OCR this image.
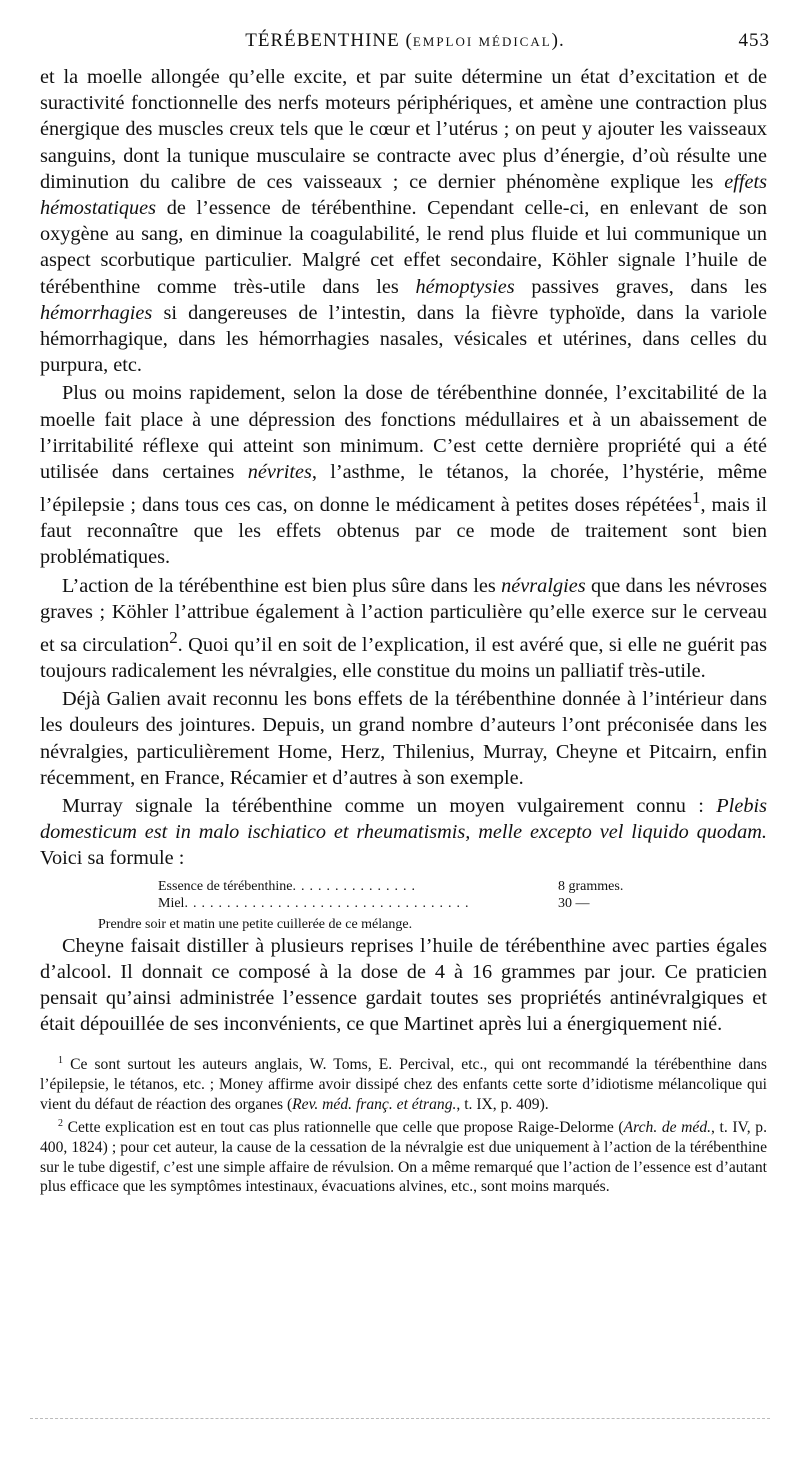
TÉRÉBENTHINE (EMPLOI MÉDICAL).	453

et la moelle allongée qu’elle excite, et par suite détermine un état d’excitation et de suractivité fonctionnelle des nerfs moteurs périphériques, et amène une contraction plus énergique des muscles creux tels que le cœur et l’utérus ; on peut y ajouter les vaisseaux sanguins, dont la tunique musculaire se contracte avec plus d’énergie, d’où résulte une diminution du calibre de ces vaisseaux ; ce dernier phénomène explique les effets hémostatiques de l’essence de térébenthine. Cependant celle-ci, en enlevant de son oxygène au sang, en diminue la coagulabilité, le rend plus fluide et lui communique un aspect scorbutique particulier. Malgré cet effet secondaire, Köhler signale l’huile de térébenthine comme très-utile dans les hémoptysies passives graves, dans les hémorrhagies si dangereuses de l’intestin, dans la fièvre typhoïde, dans la variole hémorrhagique, dans les hémorrhagies nasales, vésicales et utérines, dans celles du purpura, etc.

Plus ou moins rapidement, selon la dose de térébenthine donnée, l’excitabilité de la moelle fait place à une dépression des fonctions médullaires et à un abaissement de l’irritabilité réflexe qui atteint son minimum. C’est cette dernière propriété qui a été utilisée dans certaines névrites, l’asthme, le tétanos, la chorée, l’hystérie, même l’épilepsie ; dans tous ces cas, on donne le médicament à petites doses répétées$^1$, mais il faut reconnaître que les effets obtenus par ce mode de traitement sont bien problématiques.

L’action de la térébenthine est bien plus sûre dans les névralgies que dans les névroses graves ; Köhler l’attribue également à l’action particulière qu’elle exerce sur le cerveau et sa circulation$^2$. Quoi qu’il en soit de l’explication, il est avéré que, si elle ne guérit pas toujours radicalement les névralgies, elle constitue du moins un palliatif très-utile.

Déjà Galien avait reconnu les bons effets de la térébenthine donnée à l’intérieur dans les douleurs des jointures. Depuis, un grand nombre d’auteurs l’ont préconisée dans les névralgies, particulièrement Home, Herz, Thilenius, Murray, Cheyne et Pitcairn, enfin récemment, en France, Récamier et d’autres à son exemple.

Murray signale la térébenthine comme un moyen vulgairement connu : Plebis domesticum est in malo ischiatico et rheumatismis, melle excepto vel liquido quodam. Voici sa formule :

Essence de térébenthine ...............	8 grammes.
Miel ..................................	30 —
Prendre soir et matin une petite cuillerée de ce mélange.

Cheyne faisait distiller à plusieurs reprises l’huile de térébenthine avec parties égales d’alcool. Il donnait ce composé à la dose de 4 à 16 grammes par jour. Ce praticien pensait qu’ainsi administrée l’essence gardait toutes ses propriétés antinévralgiques et était dépouillée de ses inconvénients, ce que Martinet après lui a énergiquement nié.

$^1$ Ce sont surtout les auteurs anglais, W. Toms, E. Percival, etc., qui ont recommandé la térébenthine dans l’épilepsie, le tétanos, etc. ; Money affirme avoir dissipé chez des enfants cette sorte d’idiotisme mélancolique qui vient du défaut de réaction des organes (Rev. méd. franç. et étrang., t. IX, p. 409).

$^2$ Cette explication est en tout cas plus rationnelle que celle que propose Raige-Delorme (Arch. de méd., t. IV, p. 400, 1824) ; pour cet auteur, la cause de la cessation de la névralgie est due uniquement à l’action de la térébenthine sur le tube digestif, c’est une simple affaire de révulsion. On a même remarqué que l’action de l’essence est d’autant plus efficace que les symptômes intestinaux, évacuations alvines, etc., sont moins marqués.
